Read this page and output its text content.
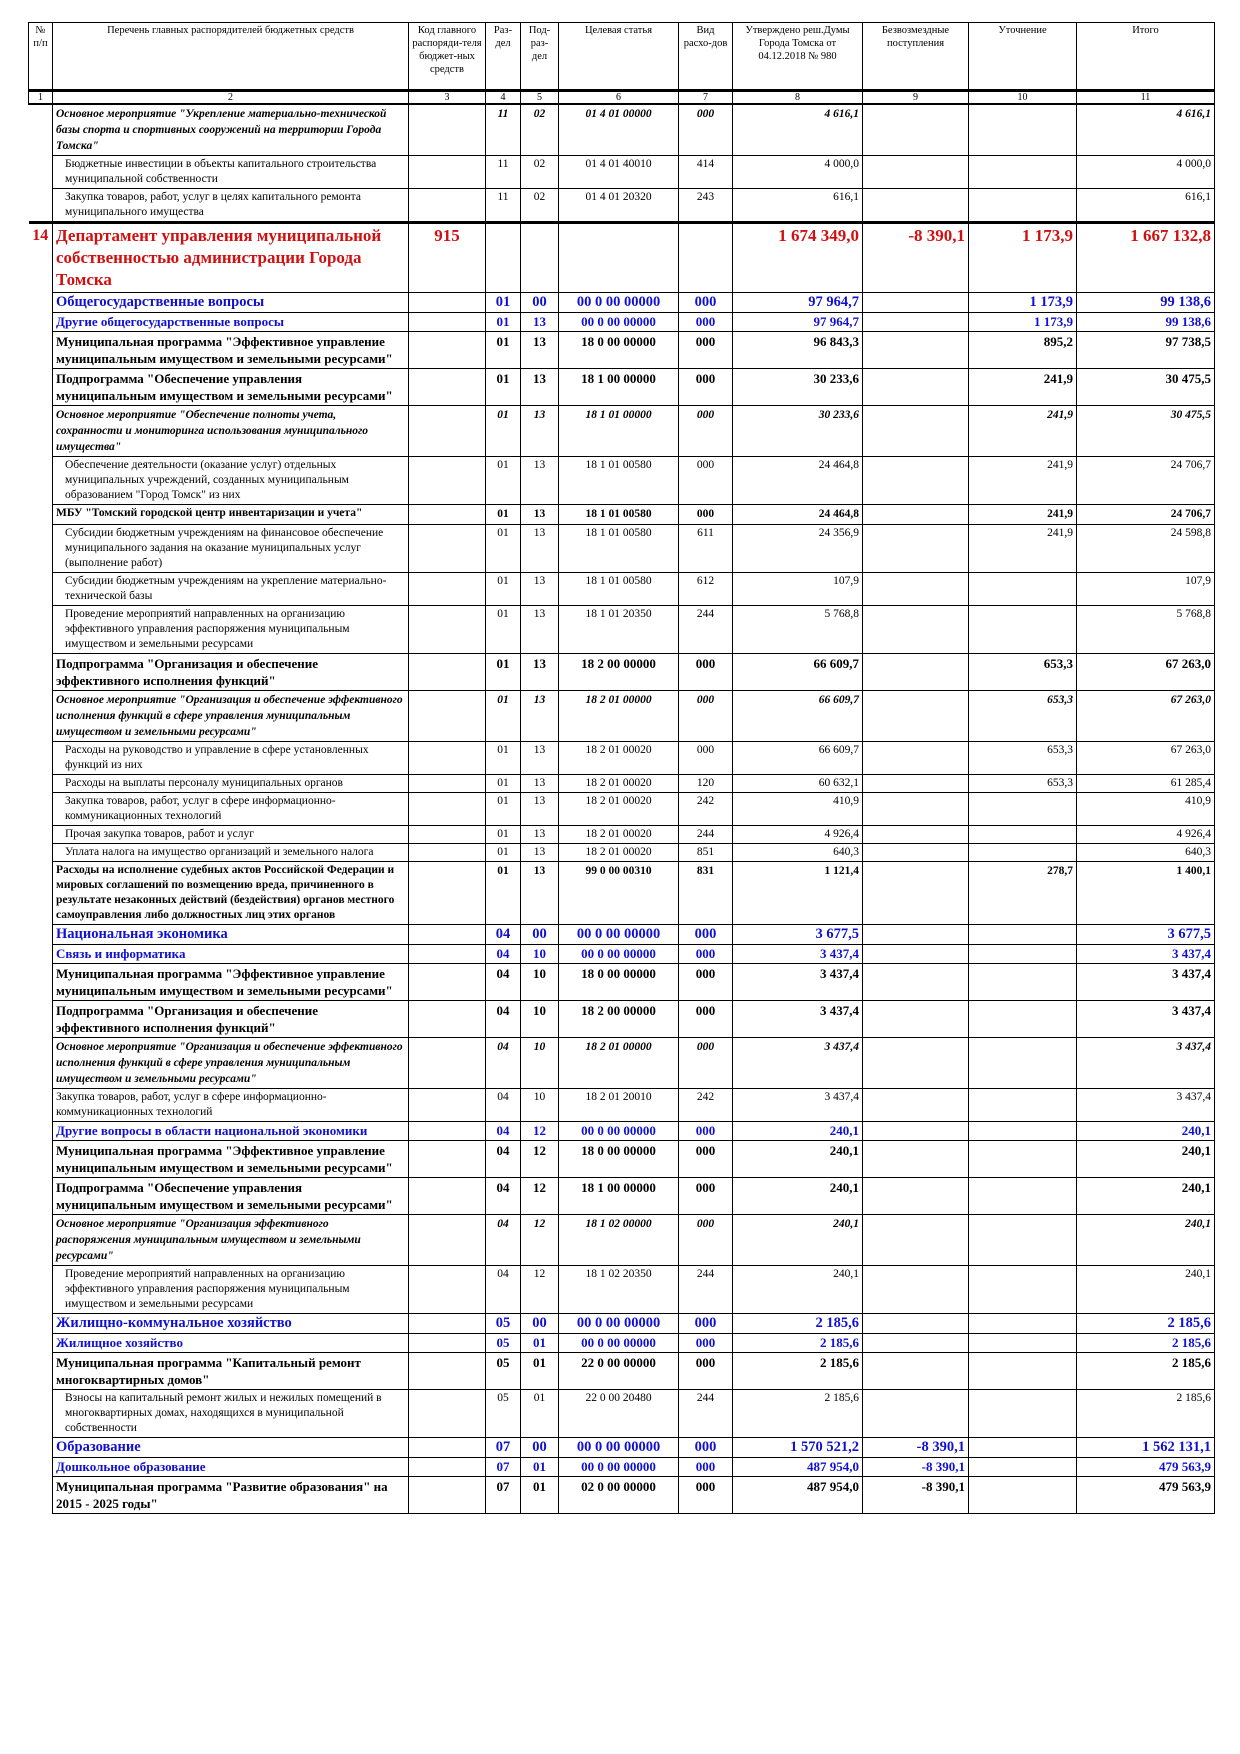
№ п/п	Перечень главных распорядителей бюджетных средств	Код главного распоряди-теля бюджет-ных средств	Раз-дел	Под-раз-дел	Целевая статья	Вид расхо-дов	Утверждено реш.Думы Города Томска от 04.12.2018 № 980	Безвозмездные поступления	Уточнение	Итого
1	2	3	4	5	6	7	8	9	10	11
	Основное мероприятие "Укрепление материально-технической базы спорта и спортивных сооружений на территории Города Томска"		11	02	01 4 01 00000	000	4 616,1			4 616,1
	Бюджетные инвестиции в объекты капитального строительства муниципальной собственности		11	02	01 4 01 40010	414	4 000,0			4 000,0
	Закупка товаров, работ, услуг в целях капитального ремонта муниципального имущества		11	02	01 4 01 20320	243	616,1			616,1
14	Департамент управления муниципальной собственностью администрации Города Томска	915					1 674 349,0	-8 390,1	1 173,9	1 667 132,8
	Общегосударственные вопросы		01	00	00 0 00 00000	000	97 964,7		1 173,9	99 138,6
	Другие общегосударственные вопросы		01	13	00 0 00 00000	000	97 964,7		1 173,9	99 138,6
	Муниципальная программа "Эффективное управление муниципальным имуществом и земельными ресурсами"		01	13	18 0 00 00000	000	96 843,3		895,2	97 738,5
	Подпрограмма "Обеспечение управления муниципальным имуществом и земельными ресурсами"		01	13	18 1 00 00000	000	30 233,6		241,9	30 475,5
	Основное мероприятие "Обеспечение полноты учета, сохранности и мониторинга использования муниципального имущества"		01	13	18 1 01 00000	000	30 233,6		241,9	30 475,5
	Обеспечение деятельности (оказание услуг) отдельных муниципальных учреждений, созданных муниципальным образованием "Город Томск" из них		01	13	18 1 01 00580	000	24 464,8		241,9	24 706,7
	МБУ "Томский городской центр инвентаризации и учета"		01	13	18 1 01 00580	000	24 464,8		241,9	24 706,7
	Субсидии бюджетным учреждениям на финансовое обеспечение муниципального задания на оказание муниципальных услуг (выполнение работ)		01	13	18 1 01 00580	611	24 356,9		241,9	24 598,8
	Субсидии бюджетным учреждениям на укрепление материально-технической базы		01	13	18 1 01 00580	612	107,9			107,9
	Проведение мероприятий направленных на организацию эффективного управления распоряжения муниципальным имуществом и земельными ресурсами		01	13	18 1 01 20350	244	5 768,8			5 768,8
	Подпрограмма "Организация и обеспечение эффективного исполнения функций"		01	13	18 2 00 00000	000	66 609,7		653,3	67 263,0
	Основное мероприятие "Организация и обеспечение эффективного исполнения функций в сфере управления муниципальным имуществом и земельными ресурсами"		01	13	18 2 01 00000	000	66 609,7		653,3	67 263,0
	Расходы на руководство и управление в сфере установленных функций из них		01	13	18 2 01 00020	000	66 609,7		653,3	67 263,0
	Расходы на выплаты персоналу муниципальных органов		01	13	18 2 01 00020	120	60 632,1		653,3	61 285,4
	Закупка товаров, работ, услуг в сфере информационно-коммуникационных технологий		01	13	18 2 01 00020	242	410,9			410,9
	Прочая закупка товаров, работ и услуг		01	13	18 2 01 00020	244	4 926,4			4 926,4
	Уплата налога на имущество организаций и земельного налога		01	13	18 2 01 00020	851	640,3			640,3
	Расходы на исполнение судебных актов Российской Федерации и мировых соглашений по возмещению вреда, причиненного в результате незаконных действий (бездействия) органов местного самоуправления либо должностных лиц этих органов		01	13	99 0 00 00310	831	1 121,4		278,7	1 400,1
	Национальная экономика		04	00	00 0 00 00000	000	3 677,5			3 677,5
	Связь и информатика		04	10	00 0 00 00000	000	3 437,4			3 437,4
	Муниципальная программа "Эффективное управление муниципальным имуществом и земельными ресурсами"		04	10	18 0 00 00000	000	3 437,4			3 437,4
	Подпрограмма "Организация и обеспечение эффективного исполнения функций"		04	10	18 2 00 00000	000	3 437,4			3 437,4
	Основное мероприятие "Организация и обеспечение эффективного исполнения функций в сфере управления муниципальным имуществом и земельными ресурсами"		04	10	18 2 01 00000	000	3 437,4			3 437,4
	Закупка товаров, работ, услуг в сфере информационно-коммуникационных технологий		04	10	18 2 01 20010	242	3 437,4			3 437,4
	Другие вопросы в области национальной экономики		04	12	00 0 00 00000	000	240,1			240,1
	Муниципальная программа "Эффективное управление муниципальным имуществом и земельными ресурсами"		04	12	18 0 00 00000	000	240,1			240,1
	Подпрограмма "Обеспечение управления муниципальным имуществом и земельными ресурсами"		04	12	18 1 00 00000	000	240,1			240,1
	Основное мероприятие "Организация эффективного распоряжения муниципальным имуществом и земельными ресурсами"		04	12	18 1 02 00000	000	240,1			240,1
	Проведение мероприятий направленных на организацию эффективного управления распоряжения муниципальным имуществом и земельными ресурсами		04	12	18 1 02 20350	244	240,1			240,1
	Жилищно-коммунальное хозяйство		05	00	00 0 00 00000	000	2 185,6			2 185,6
	Жилищное хозяйство		05	01	00 0 00 00000	000	2 185,6			2 185,6
	Муниципальная программа "Капитальный ремонт многоквартирных домов"		05	01	22 0 00 00000	000	2 185,6			2 185,6
	Взносы на капитальный ремонт жилых и нежилых помещений в многоквартирных домах, находящихся в муниципальной собственности		05	01	22 0 00 20480	244	2 185,6			2 185,6
	Образование		07	00	00 0 00 00000	000	1 570 521,2	-8 390,1		1 562 131,1
	Дошкольное образование		07	01	00 0 00 00000	000	487 954,0	-8 390,1		479 563,9
	Муниципальная программа "Развитие образования" на 2015 - 2025 годы"		07	01	02 0 00 00000	000	487 954,0	-8 390,1		479 563,9
